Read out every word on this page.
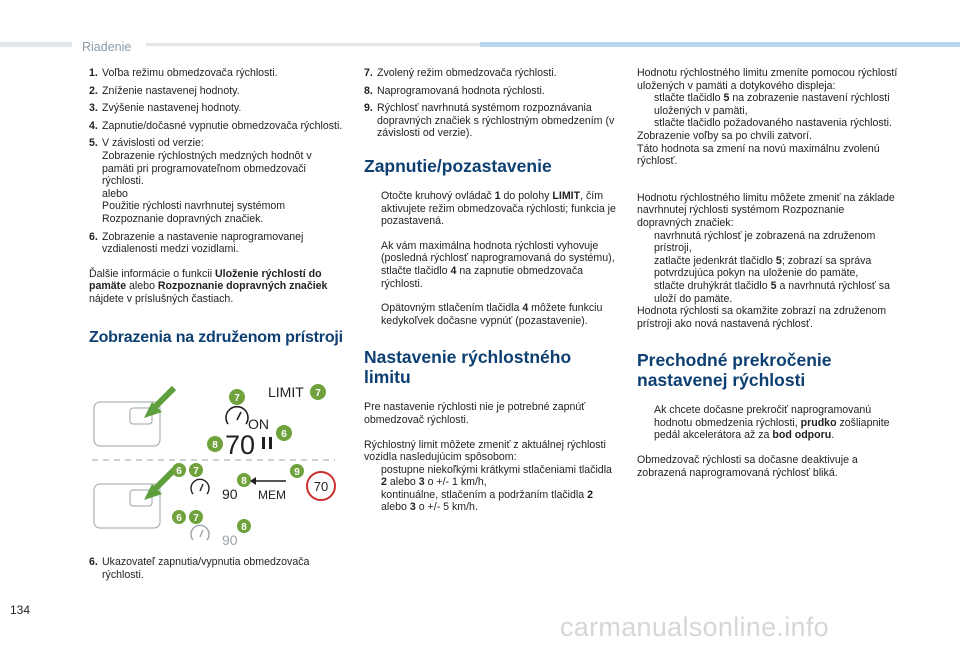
Riadenie
1. Voľba režimu obmedzovača rýchlosti.
2. Zníženie nastavenej hodnoty.
3. Zvýšenie nastavenej hodnoty.
4. Zapnutie/dočasné vypnutie obmedzovača rýchlosti.
5. V závislosti od verzie:
Zobrazenie rýchlostných medzných hodnôt v pamäti pri programovateľnom obmedzovači rýchlosti.
alebo
Použitie rýchlosti navrhnutej systémom Rozpoznanie dopravných značiek.
6. Zobrazenie a nastavenie naprogramovanej vzdialenosti medzi vozidlami.

Ďalšie informácie o funkcii Uloženie rýchlostí do pamäte alebo Rozpoznanie dopravných značiek nájdete v príslušných častiach.

Zobrazenia na združenom prístroji
LIMIT
7	7
ON
6
8 70
6 7
8
9
90 MEM
70
6 7
8
90
6. Ukazovateľ zapnutia/vypnutia obmedzovača rýchlosti.
7. Zvolený režim obmedzovača rýchlosti.
8. Naprogramovaná hodnota rýchlosti.
9. Rýchlosť navrhnutá systémom rozpoznávania dopravných značiek s rýchlostným obmedzením (v závislosti od verzie).
Zapnutie/pozastavenie
Otočte kruhový ovládač 1 do polohy LIMIT, čím aktivujete režim obmedzovača rýchlosti; funkcia je pozastavená.
Ak vám maximálna hodnota rýchlosti vyhovuje (posledná rýchlosť naprogramovaná do systému), stlačte tlačidlo 4 na zapnutie obmedzovača rýchlosti.
Opätovným stlačením tlačidla 4 môžete funkciu kedykoľvek dočasne vypnúť (pozastavenie).
Nastavenie rýchlostného limitu

Pre nastavenie rýchlosti nie je potrebné zapnúť obmedzovač rýchlosti.

Rýchlostný limit môžete zmeniť z aktuálnej rýchlosti vozidla nasledujúcim spôsobom:

postupne niekoľkými krátkymi stlačeniami tlačidla 2 alebo 3 o +/- 1 km/h,
kontinuálne, stlačením a podržaním tlačidla 2 alebo 3 o +/- 5 km/h.

Hodnotu rýchlostného limitu zmeníte pomocou rýchlostí uložených v pamäti a dotykového displeja:

stlačte tlačidlo 5 na zobrazenie nastavení rýchlosti uložených v pamäti,
stlačte tlačidlo požadovaného nastavenia rýchlosti.

Zobrazenie voľby sa po chvíli zatvorí.

Táto hodnota sa zmení na novú maximálnu zvolenú rýchlosť.

Hodnotu rýchlostného limitu môžete zmeniť na základe navrhnutej rýchlosti systémom Rozpoznanie dopravných značiek:

navrhnutá rýchlosť je zobrazená na združenom prístroji,
zatlačte jedenkrát tlačidlo 5; zobrazí sa správa potvrdzujúca pokyn na uloženie do pamäte,
stlačte druhýkrát tlačidlo 5 a navrhnutá rýchlosť sa uloží do pamäte.

Hodnota rýchlosti sa okamžite zobrazí na združenom prístroji ako nová nastavená rýchlosť.

Prechodné prekročenie nastavenej rýchlosti
Ak chcete dočasne prekročiť naprogramovanú hodnotu obmedzenia rýchlosti, prudko zošliapnite pedál akcelerátora až za bod odporu.

Obmedzovač rýchlosti sa dočasne deaktivuje a zobrazená naprogramovaná rýchlosť bliká.

134
carmanualsonline.info
